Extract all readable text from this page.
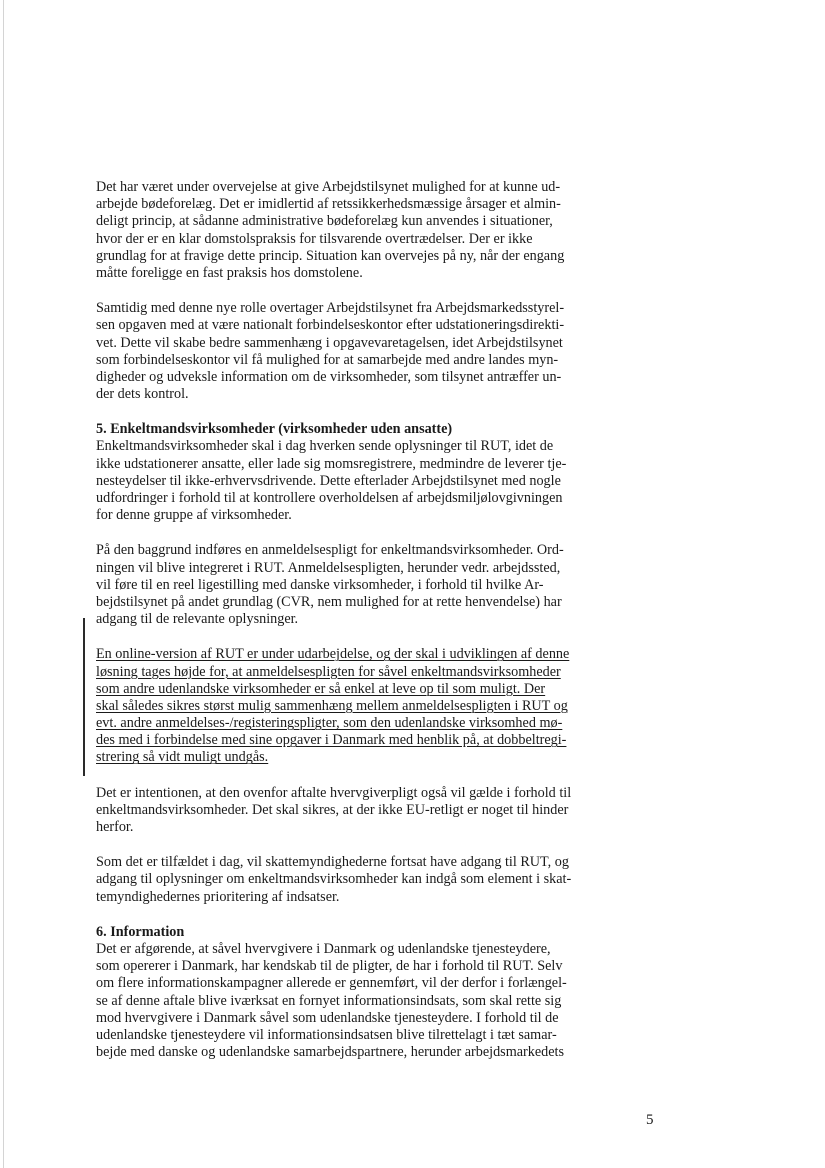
Det har været under overvejelse at give Arbejdstilsynet mulighed for at kunne ud-
arbejde bødeforelæg. Det er imidlertid af retssikkerhedsmæssige årsager et almin-
deligt princip, at sådanne administrative bødeforelæg kun anvendes i situationer,
hvor der er en klar domstolspraksis for tilsvarende overtrædelser. Der er ikke
grundlag for at fravige dette princip. Situation kan overvejes på ny, når der engang
måtte foreligge en fast praksis hos domstolene.
Samtidig med denne nye rolle overtager Arbejdstilsynet fra Arbejdsmarkedsstyrel-
sen opgaven med at være nationalt forbindelseskontor efter udstationeringsdirekti-
vet. Dette vil skabe bedre sammenhæng i opgavevaretagelsen, idet Arbejdstilsynet
som forbindelseskontor vil få mulighed for at samarbejde med andre landes myn-
digheder og udveksle information om de virksomheder, som tilsynet antræffer un-
der dets kontrol.
5. Enkeltmandsvirksomheder (virksomheder uden ansatte)
Enkeltmandsvirksomheder skal i dag hverken sende oplysninger til RUT, idet de
ikke udstationerer ansatte, eller lade sig momsregistrere, medmindre de leverer tje-
nesteydelser til ikke-erhvervsdrivende. Dette efterlader Arbejdstilsynet med nogle
udfordringer i forhold til at kontrollere overholdelsen af arbejdsmiljølovgivningen
for denne gruppe af virksomheder.
På den baggrund indføres en anmeldelsespligt for enkeltmandsvirksomheder. Ord-
ningen vil blive integreret i RUT. Anmeldelsespligten, herunder vedr. arbejdssted,
vil føre til en reel ligestilling med danske virksomheder, i forhold til hvilke Ar-
bejdstilsynet på andet grundlag (CVR, nem mulighed for at rette henvendelse) har
adgang til de relevante oplysninger.
En online-version af RUT er under udarbejdelse, og der skal i udviklingen af denne
løsning tages højde for, at anmeldelsespligten for såvel enkeltmandsvirksomheder
som andre udenlandske virksomheder er så enkel at leve op til som muligt. Der
skal således sikres størst mulig sammenhæng mellem anmeldelsespligten i RUT og
evt. andre anmeldelses-/registeringspligter, som den udenlandske virksomhed mø-
des med i forbindelse med sine opgaver i Danmark med henblik på, at dobbeltregi-
strering så vidt muligt undgås.
Det er intentionen, at den ovenfor aftalte hvervgiverpligt også vil gælde i forhold til
enkeltmandsvirksomheder. Det skal sikres, at der ikke EU-retligt er noget til hinder
herfor.
Som det er tilfældet i dag, vil skattemyndighederne fortsat have adgang til RUT, og
adgang til oplysninger om enkeltmandsvirksomheder kan indgå som element i skat-
temyndighedernes prioritering af indsatser.
6. Information
Det er afgørende, at såvel hvervgivere i Danmark og udenlandske tjenesteydere,
som opererer i Danmark, har kendskab til de pligter, de har i forhold til RUT. Selv
om flere informationskampagner allerede er gennemført, vil der derfor i forlængel-
se af denne aftale blive iværksat en fornyet informationsindsats, som skal rette sig
mod hvervgivere i Danmark såvel som udenlandske tjenesteydere. I forhold til de
udenlandske tjenesteydere vil informationsindsatsen blive tilrettelagt i tæt samar-
bejde med danske og udenlandske samarbejdspartnere, herunder arbejdsmarkedets
5
